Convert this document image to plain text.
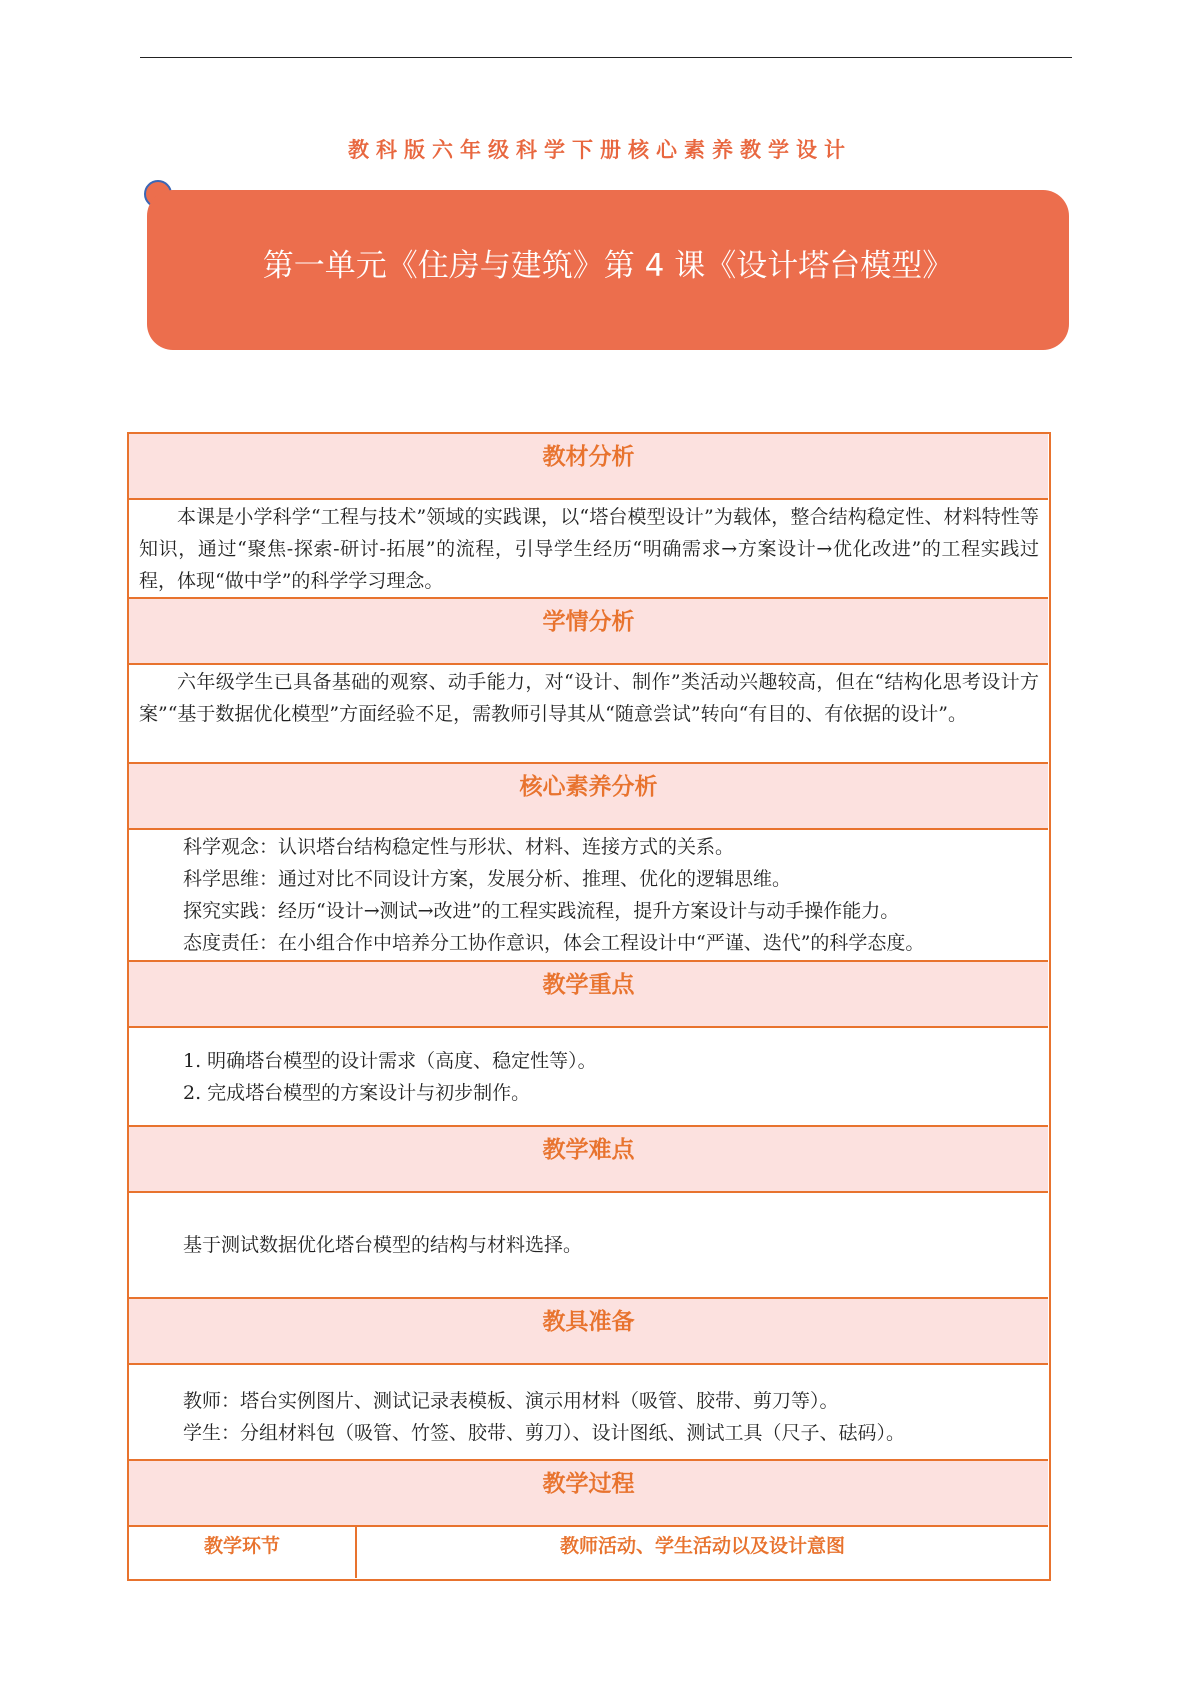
教科版六年级科学下册核心素养教学设计
第一单元《住房与建筑》第 4 课《设计塔台模型》
教材分析
本课是小学科学“工程与技术”领域的实践课，以“塔台模型设计”为载体，整合结构稳定性、材料特性等知识，通过“聚焦-探索-研讨-拓展”的流程，引导学生经历“明确需求→方案设计→优化改进”的工程实践过程，体现“做中学”的科学学习理念。
学情分析
六年级学生已具备基础的观察、动手能力，对“设计、制作”类活动兴趣较高，但在“结构化思考设计方案”“基于数据优化模型”方面经验不足，需教师引导其从“随意尝试”转向“有目的、有依据的设计”。
核心素养分析
科学观念：认识塔台结构稳定性与形状、材料、连接方式的关系。
科学思维：通过对比不同设计方案，发展分析、推理、优化的逻辑思维。
探究实践：经历“设计→测试→改进”的工程实践流程，提升方案设计与动手操作能力。
态度责任：在小组合作中培养分工协作意识，体会工程设计中“严谨、迭代”的科学态度。
教学重点
1. 明确塔台模型的设计需求（高度、稳定性等）。
2. 完成塔台模型的方案设计与初步制作。
教学难点
基于测试数据优化塔台模型的结构与材料选择。
教具准备
教师：塔台实例图片、测试记录表模板、演示用材料（吸管、胶带、剪刀等）。
学生：分组材料包（吸管、竹签、胶带、剪刀）、设计图纸、测试工具（尺子、砝码）。
教学过程
教学环节	教师活动、学生活动以及设计意图
